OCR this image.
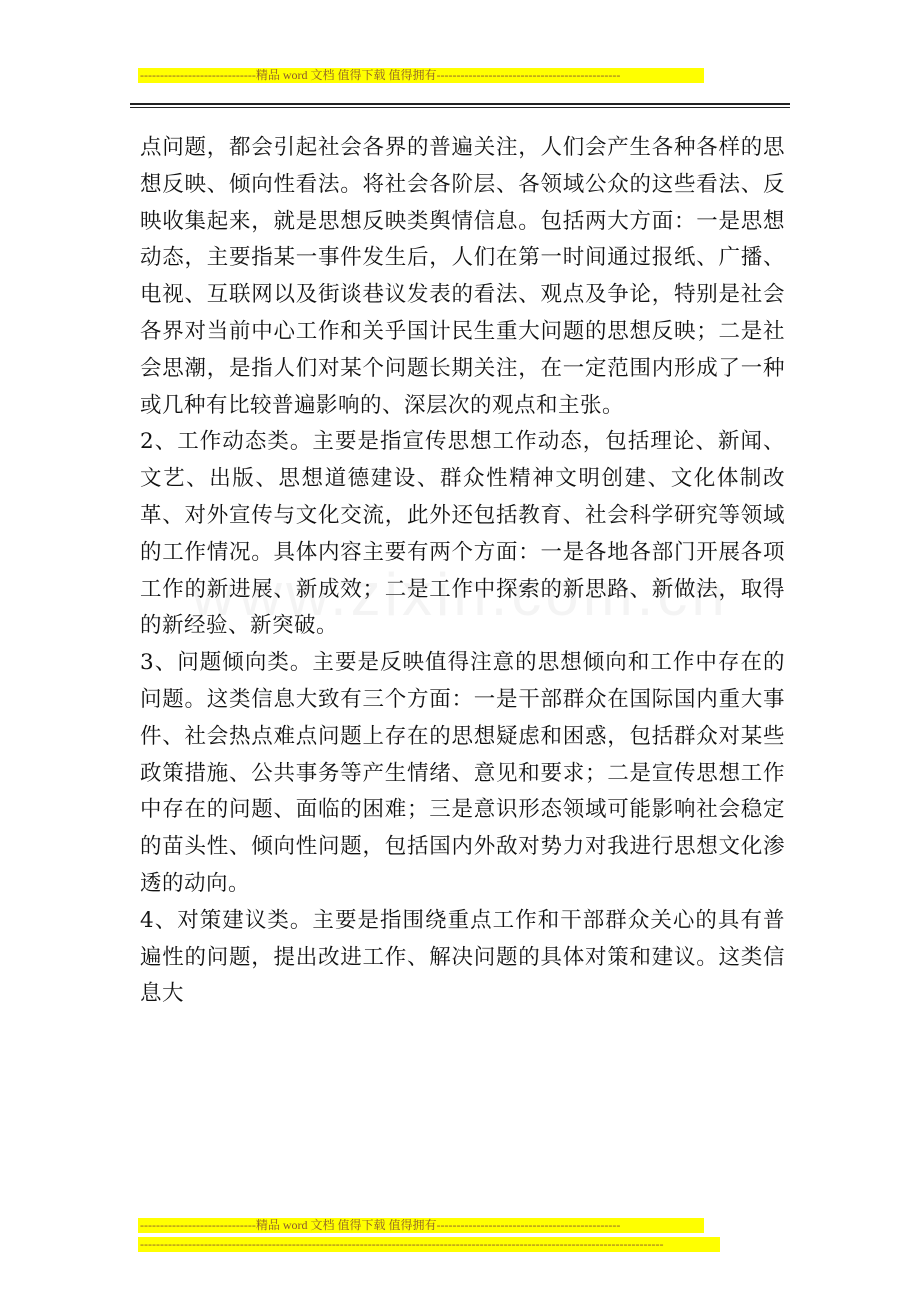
-----------------------------精品 word 文档 值得下载 值得拥有----------------------------------------------

点问题，都会引起社会各界的普遍关注，人们会产生各种各样的思想反映、倾向性看法。将社会各阶层、各领域公众的这些看法、反映收集起来，就是思想反映类舆情信息。包括两大方面：一是思想动态，主要指某一事件发生后，人们在第一时间通过报纸、广播、电视、互联网以及街谈巷议发表的看法、观点及争论，特别是社会各界对当前中心工作和关乎国计民生重大问题的思想反映；二是社会思潮，是指人们对某个问题长期关注，在一定范围内形成了一种或几种有比较普遍影响的、深层次的观点和主张。

2、工作动态类。主要是指宣传思想工作动态，包括理论、新闻、文艺、出版、思想道德建设、群众性精神文明创建、文化体制改革、对外宣传与文化交流，此外还包括教育、社会科学研究等领域的工作情况。具体内容主要有两个方面：一是各地各部门开展各项工作的新进展、新成效；二是工作中探索的新思路、新做法，取得的新经验、新突破。

3、问题倾向类。主要是反映值得注意的思想倾向和工作中存在的问题。这类信息大致有三个方面：一是干部群众在国际国内重大事件、社会热点难点问题上存在的思想疑虑和困惑，包括群众对某些政策措施、公共事务等产生情绪、意见和要求；二是宣传思想工作中存在的问题、面临的困难；三是意识形态领域可能影响社会稳定的苗头性、倾向性问题，包括国内外敌对势力对我进行思想文化渗透的动向。

4、对策建议类。主要是指围绕重点工作和干部群众关心的具有普遍性的问题，提出改进工作、解决问题的具体对策和建议。这类信息大

-----------------------------精品 word 文档 值得下载 值得拥有----------------------------------------------
-----------------------------------------------------------------------------------------------------------------------------------
